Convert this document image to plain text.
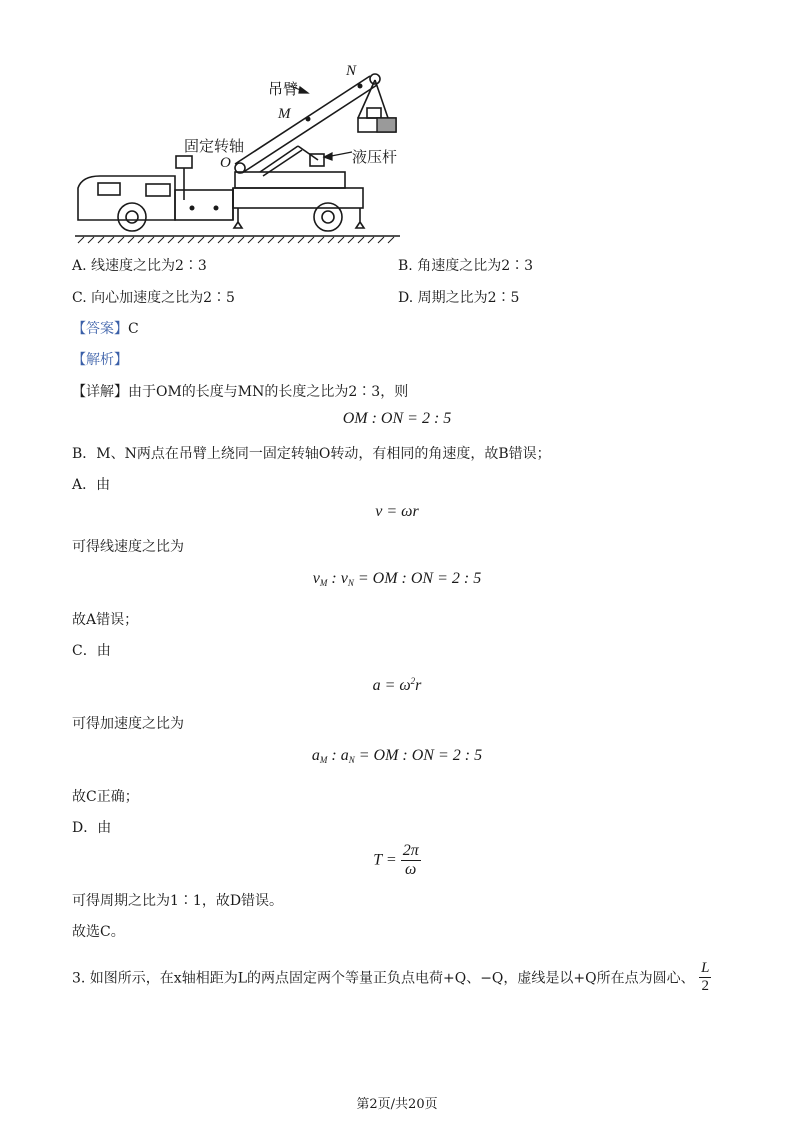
吊臂
N
M
固定转轴
O	液压杆
A. 线速度之比为2∶3	B. 角速度之比为2∶3
C. 向心加速度之比为2∶5	D. 周期之比为2∶5
【答案】C
【解析】
【详解】由于OM的长度与MN的长度之比为2∶3，则
OM : ON = 2 : 5
B．M、N两点在吊臂上绕同一固定转轴O转动，有相同的角速度，故B错误；
A．由
v = ωr
可得线速度之比为
$v_M$ : $v_N$ = OM : ON = 2 : 5
故A错误；
C．由
$a = \omega^2r$
可得加速度之比为
$a_M$ : $a_N$ = OM : ON = 2 : 5
故C正确；
D．由
$T = \frac{2\pi}{\omega}$
可得周期之比为1∶1，故D错误。
故选C。
3. 如图所示，在x轴相距为L的两点固定两个等量正负点电荷+Q、−Q，虚线是以+Q所在点为圆心、 $\frac{L}{2}$
第2页/共20页
